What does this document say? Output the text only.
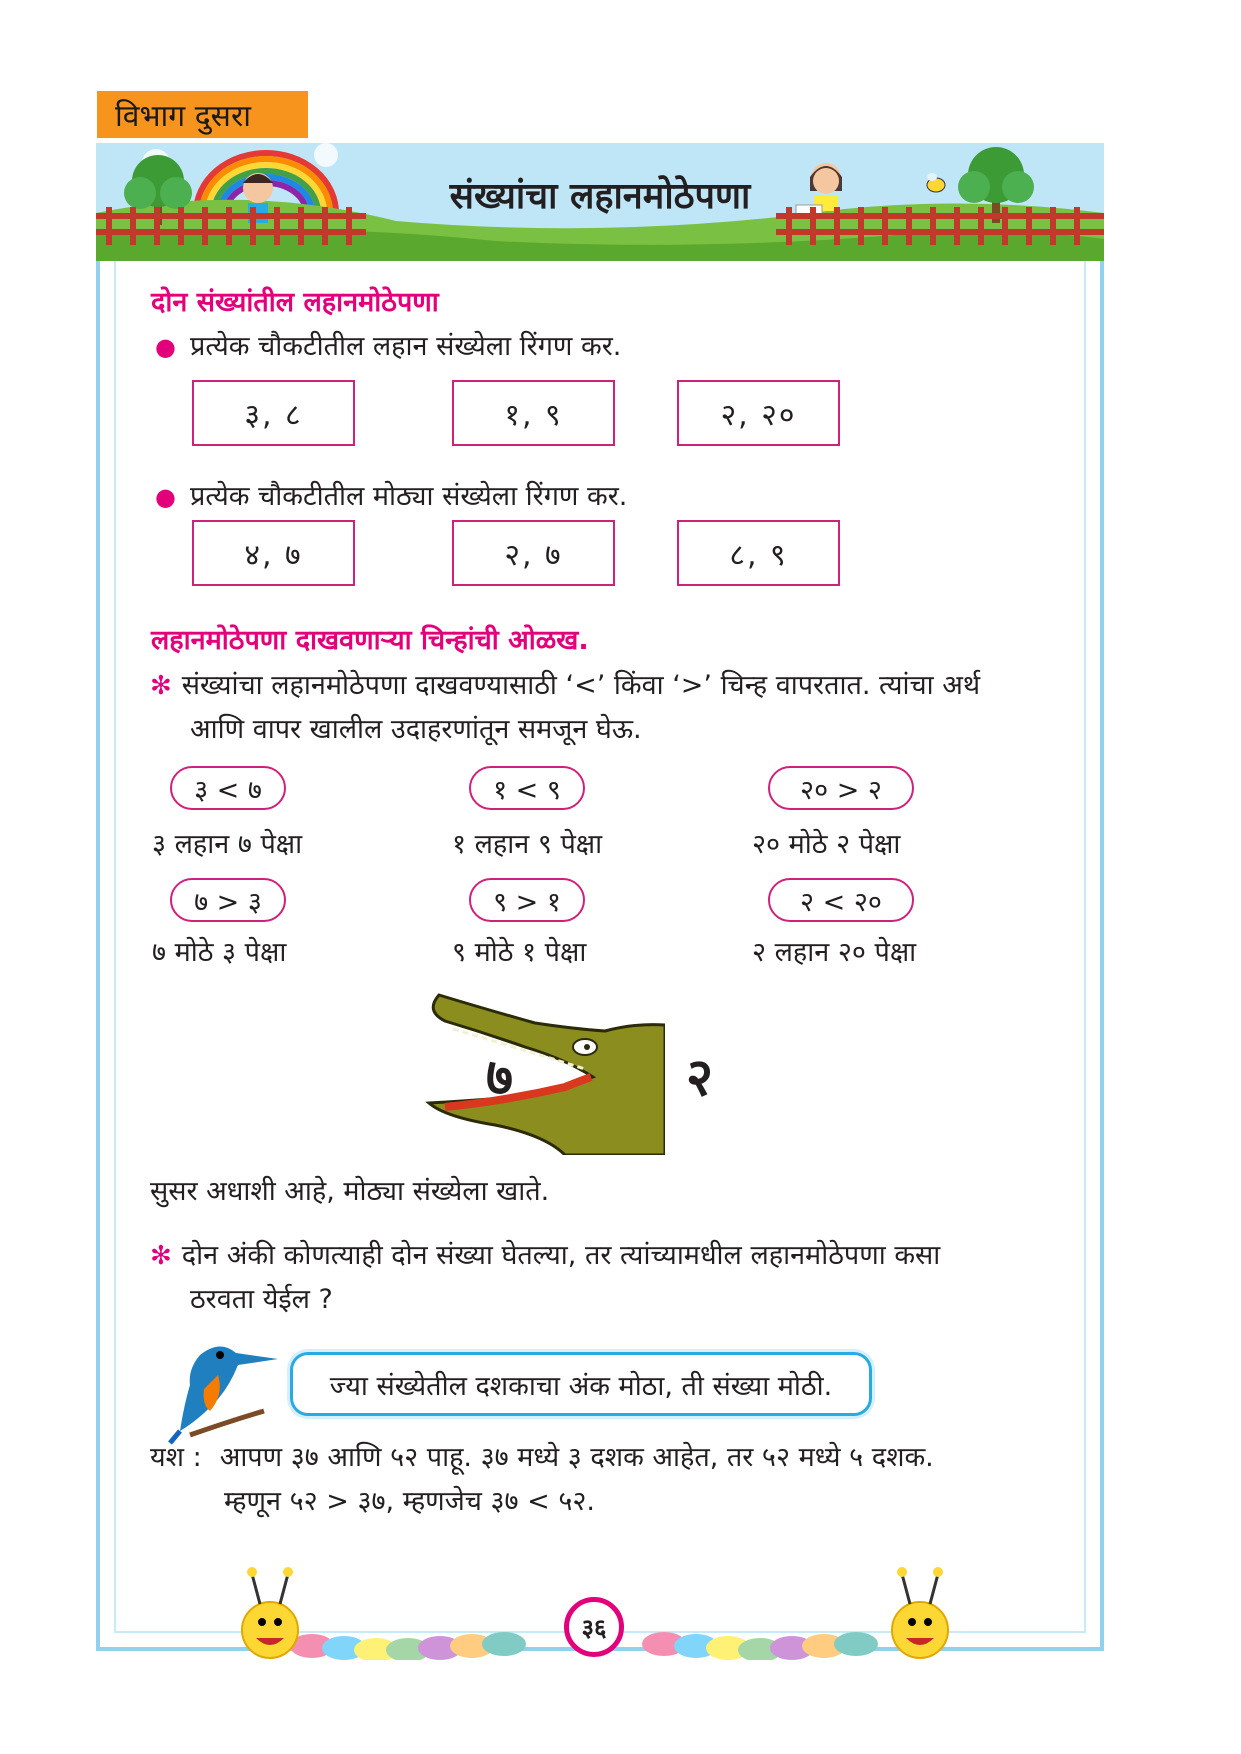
विभाग दुसरा
संख्यांचा लहानमोठेपणा
दोन संख्यांतील लहानमोठेपणा
● प्रत्येक चौकटीतील लहान संख्येला रिंगण कर.
३, ८	१, ९	२, २०
● प्रत्येक चौकटीतील मोठ्या संख्येला रिंगण कर.
४, ७	२, ७	८, ९
लहानमोठेपणा दाखवणाऱ्या चिन्हांची ओळख.
✻ संख्यांचा लहानमोठेपणा दाखवण्यासाठी ‘<’ किंवा ‘>’ चिन्ह वापरतात. त्यांचा अर्थ
आणि वापर खालील उदाहरणांतून समजून घेऊ.
३ < ७	१ < ९	२० > २
३ लहान ७ पेक्षा	१ लहान ९ पेक्षा	२० मोठे २ पेक्षा
७ > ३	९ > १	२ < २०
७ मोठे ३ पेक्षा	९ मोठे १ पेक्षा	२ लहान २० पेक्षा
७	२
सुसर अधाशी आहे, मोठ्या संख्येला खाते.
✻ दोन अंकी कोणत्याही दोन संख्या घेतल्या, तर त्यांच्यामधील लहानमोठेपणा कसा
ठरवता येईल ?
ज्या संख्येतील दशकाचा अंक मोठा, ती संख्या मोठी.
यश : आपण ३७ आणि ५२ पाहू. ३७ मध्ये ३ दशक आहेत, तर ५२ मध्ये ५ दशक.
म्हणून ५२ > ३७, म्हणजेच ३७ < ५२.
३६
